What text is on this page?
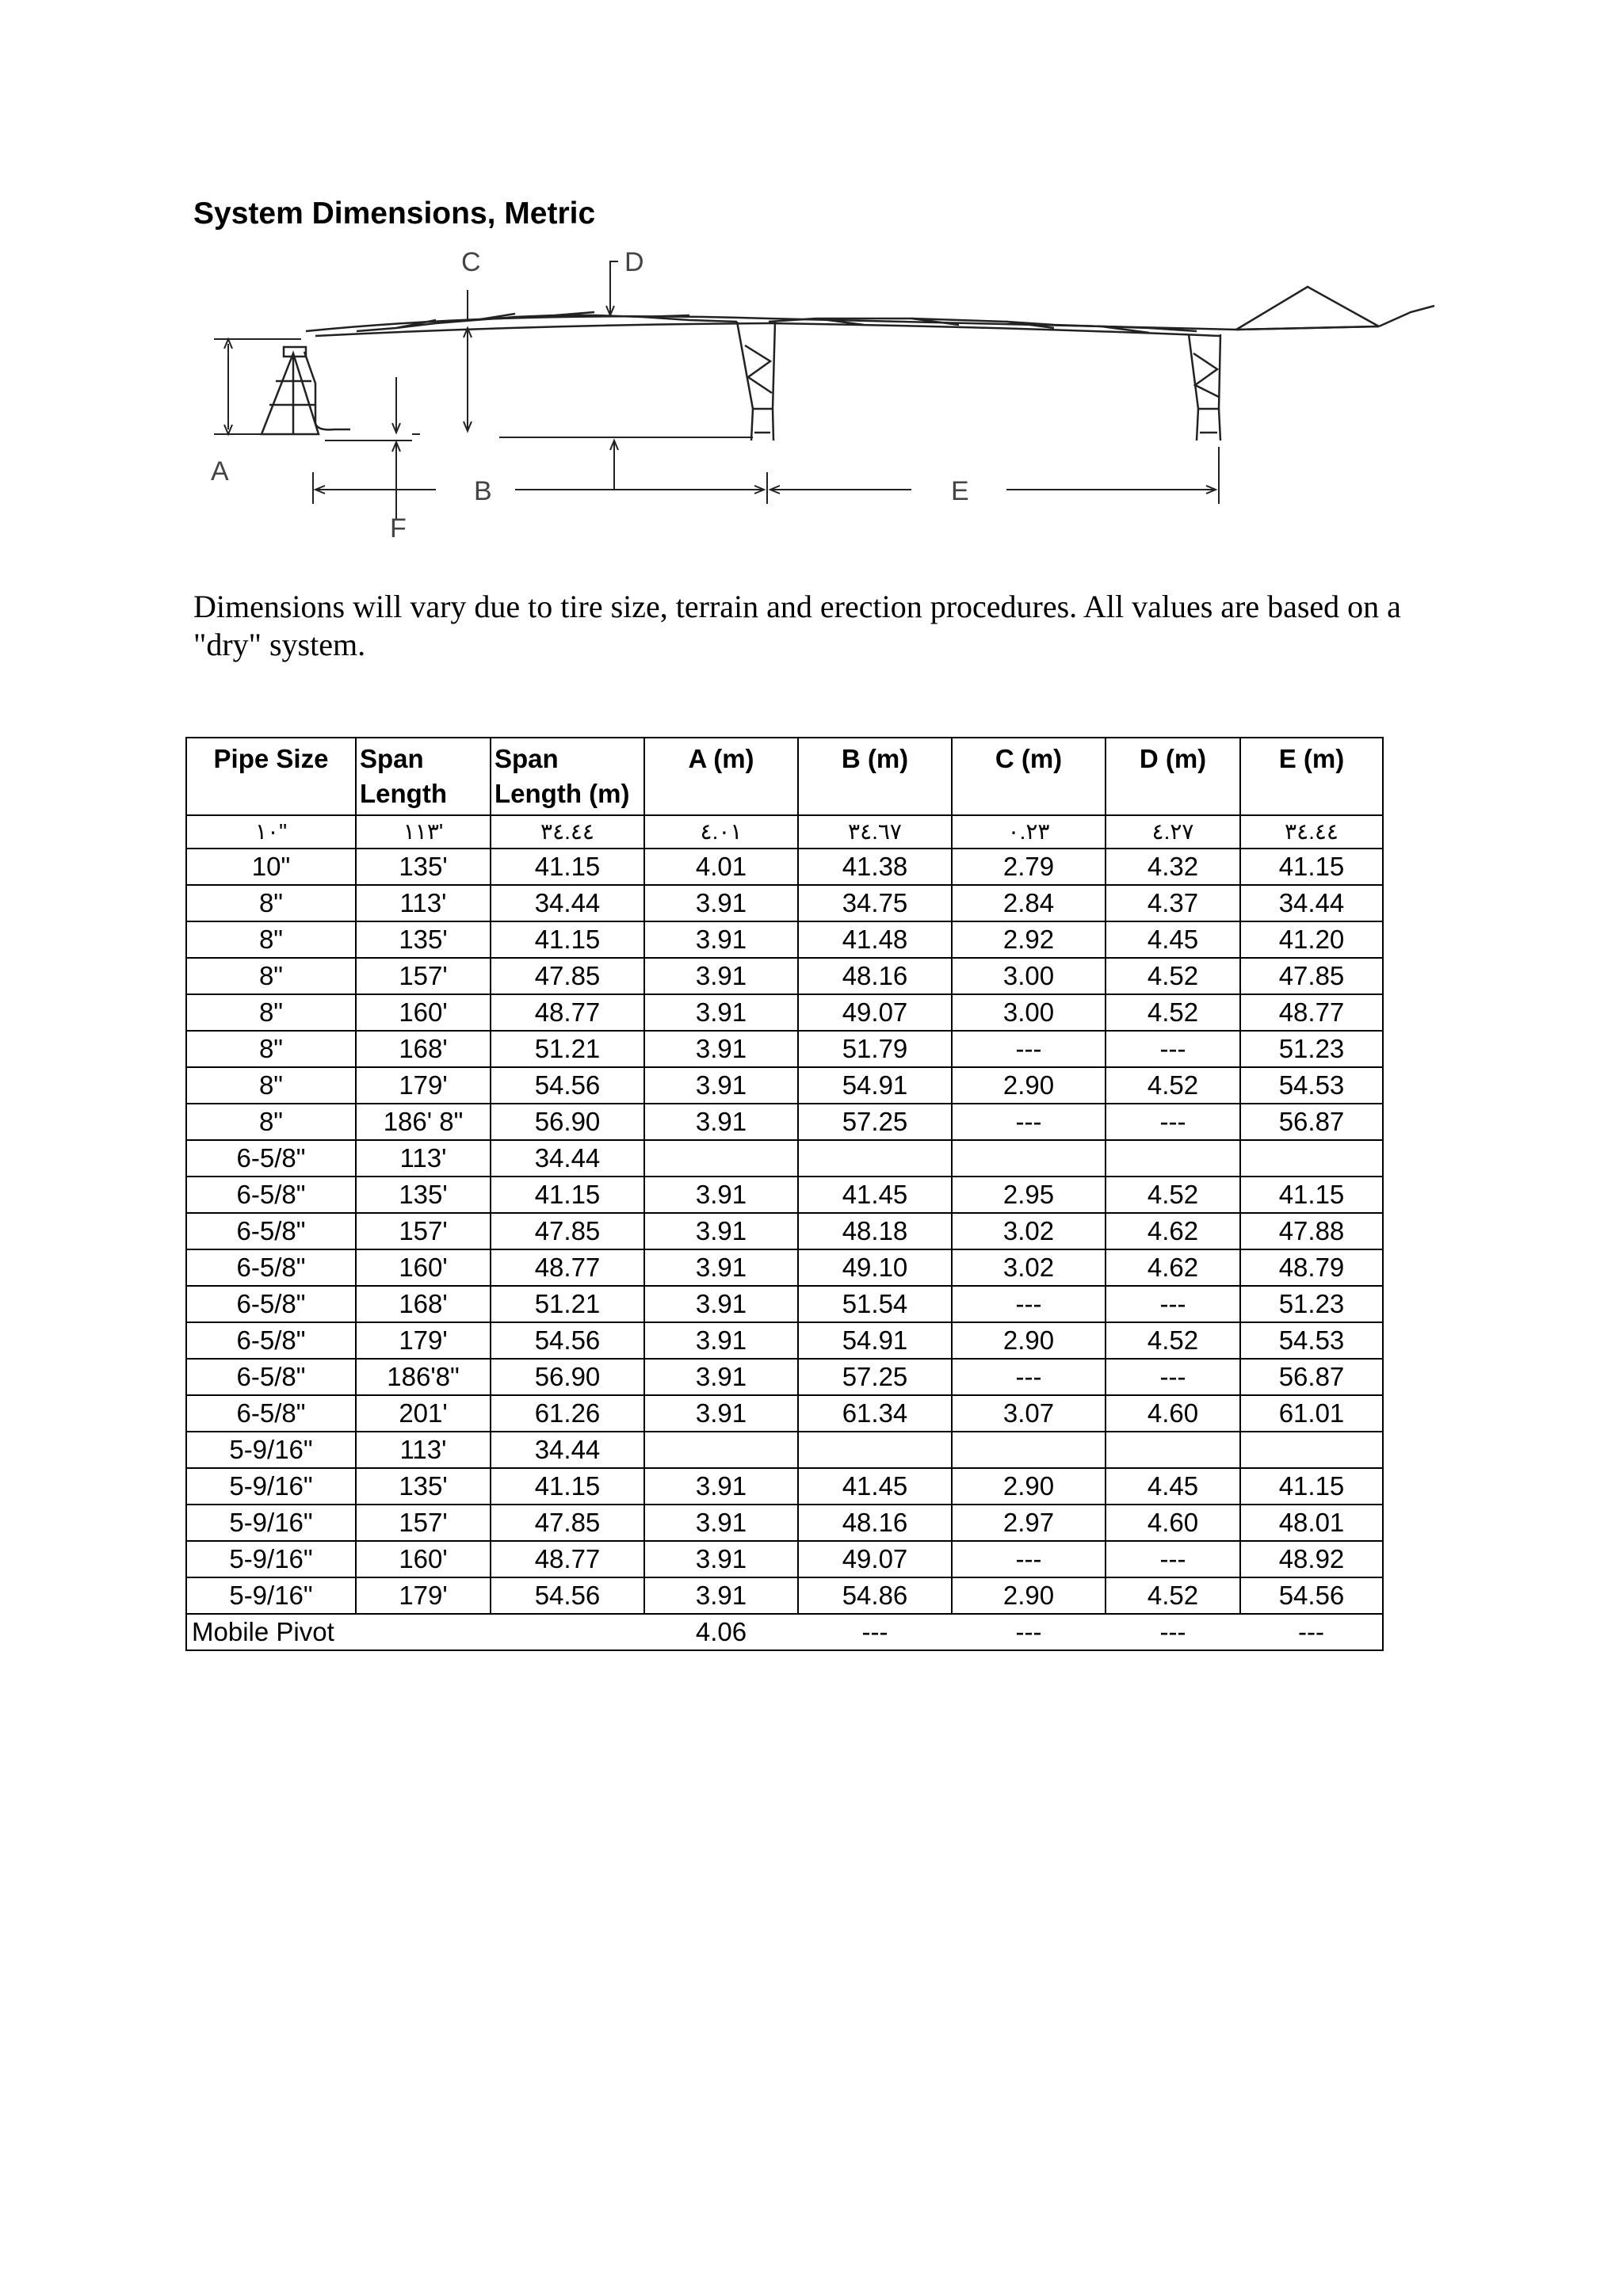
System Dimensions, Metric
A
B
C	D
E
F
Dimensions will vary due to tire size, terrain and erection procedures. All values are based on a "dry" system.
Pipe Size	Span Length	Span Length (m)	A (m)	B (m)	C (m)	D (m)	E (m)
١٠"	١١٣'	٣٤.٤٤	٤.٠١	٣٤.٦٧	٠.٢٣	٤.٢٧	٣٤.٤٤
10"	135'	41.15	4.01	41.38	2.79	4.32	41.15
8"	113'	34.44	3.91	34.75	2.84	4.37	34.44
8"	135'	41.15	3.91	41.48	2.92	4.45	41.20
8"	157'	47.85	3.91	48.16	3.00	4.52	47.85
8"	160'	48.77	3.91	49.07	3.00	4.52	48.77
8"	168'	51.21	3.91	51.79	---	---	51.23
8"	179'	54.56	3.91	54.91	2.90	4.52	54.53
8"	186' 8"	56.90	3.91	57.25	---	---	56.87
6-5/8"	113'	34.44					
6-5/8"	135'	41.15	3.91	41.45	2.95	4.52	41.15
6-5/8"	157'	47.85	3.91	48.18	3.02	4.62	47.88
6-5/8"	160'	48.77	3.91	49.10	3.02	4.62	48.79
6-5/8"	168'	51.21	3.91	51.54	---	---	51.23
6-5/8"	179'	54.56	3.91	54.91	2.90	4.52	54.53
6-5/8"	186'8"	56.90	3.91	57.25	---	---	56.87
6-5/8"	201'	61.26	3.91	61.34	3.07	4.60	61.01
5-9/16"	113'	34.44					
5-9/16"	135'	41.15	3.91	41.45	2.90	4.45	41.15
5-9/16"	157'	47.85	3.91	48.16	2.97	4.60	48.01
5-9/16"	160'	48.77	3.91	49.07	---	---	48.92
5-9/16"	179'	54.56	3.91	54.86	2.90	4.52	54.56
Mobile Pivot			4.06	---	---	---	---
